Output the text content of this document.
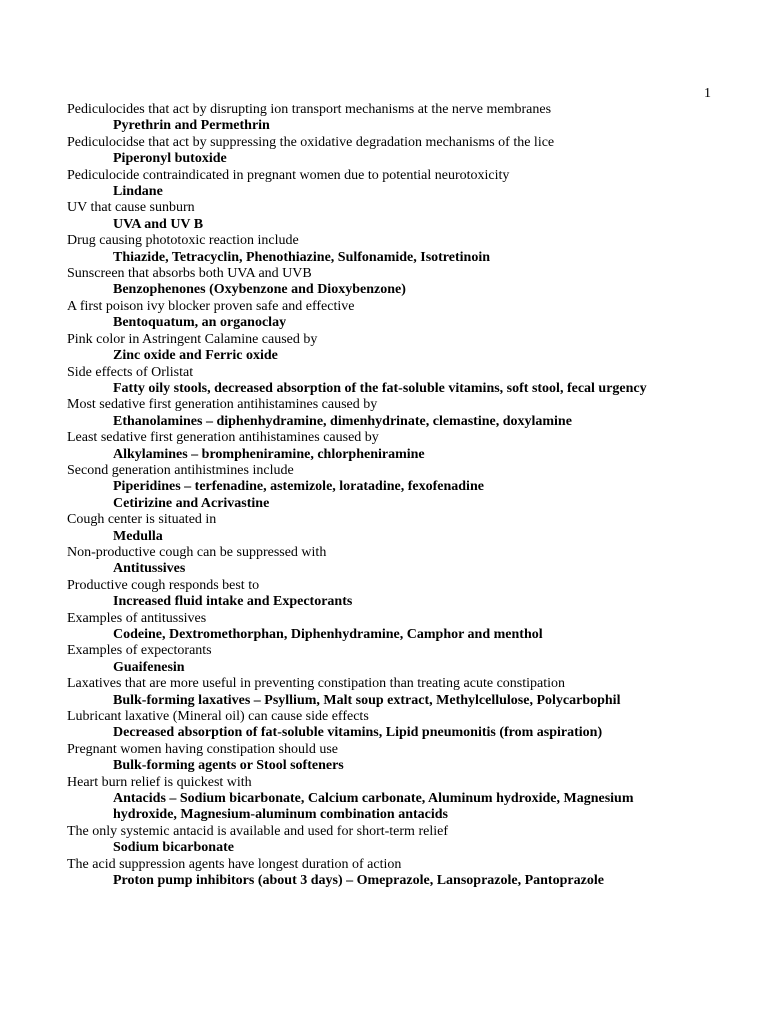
1
Pediculocides that act by disrupting ion transport mechanisms at the nerve membranes
Pyrethrin and Permethrin
Pediculocidse that act by suppressing the oxidative degradation mechanisms of the lice
Piperonyl butoxide
Pediculocide contraindicated in pregnant women due to potential neurotoxicity
Lindane
UV that cause sunburn
UVA and UV B
Drug causing phototoxic reaction include
Thiazide, Tetracyclin, Phenothiazine, Sulfonamide, Isotretinoin
Sunscreen that absorbs both UVA and UVB
Benzophenones (Oxybenzone and Dioxybenzone)
A first poison ivy blocker proven safe and effective
Bentoquatum, an organoclay
Pink color in Astringent Calamine caused by
Zinc oxide and Ferric oxide
Side effects of Orlistat
Fatty oily stools, decreased absorption of the fat-soluble vitamins, soft stool, fecal urgency
Most sedative first generation antihistamines caused by
Ethanolamines – diphenhydramine, dimenhydrinate, clemastine, doxylamine
Least sedative first generation antihistamines caused by
Alkylamines – brompheniramine, chlorpheniramine
Second generation antihistmines include
Piperidines – terfenadine, astemizole, loratadine, fexofenadine
Cetirizine and Acrivastine
Cough center is situated in
Medulla
Non-productive cough can be suppressed with
Antitussives
Productive cough responds best to
Increased fluid intake and Expectorants
Examples of antitussives
Codeine, Dextromethorphan, Diphenhydramine, Camphor and menthol
Examples of expectorants
Guaifenesin
Laxatives that are more useful in preventing constipation than treating acute constipation
Bulk-forming laxatives – Psyllium, Malt soup extract, Methylcellulose, Polycarbophil
Lubricant laxative (Mineral oil) can cause side effects
Decreased absorption of fat-soluble vitamins, Lipid pneumonitis (from aspiration)
Pregnant women having constipation should use
Bulk-forming agents or Stool softeners
Heart burn relief is quickest with
Antacids – Sodium bicarbonate, Calcium carbonate, Aluminum hydroxide, Magnesium
hydroxide, Magnesium-aluminum combination antacids
The only systemic antacid is available and used for short-term relief
Sodium bicarbonate
The acid suppression agents have longest duration of action
Proton pump inhibitors (about 3 days) – Omeprazole, Lansoprazole, Pantoprazole
